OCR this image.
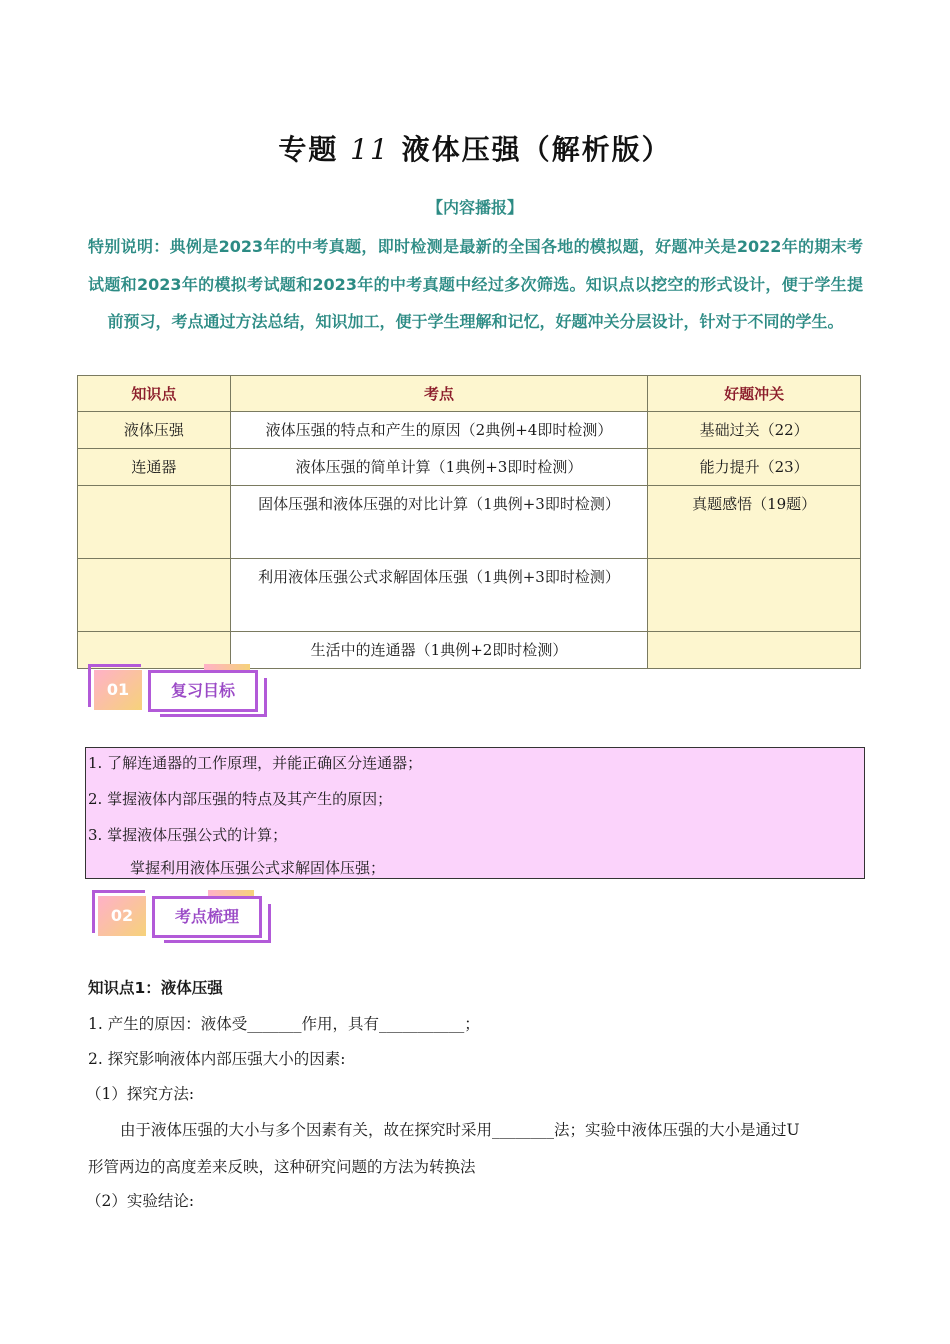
专题 11 液体压强（解析版）
【内容播报】
特别说明：典例是2023年的中考真题，即时检测是最新的全国各地的模拟题，好题冲关是2022年的期末考试题和2023年的模拟考试题和2023年的中考真题中经过多次筛选。知识点以挖空的形式设计，便于学生提前预习，考点通过方法总结，知识加工，便于学生理解和记忆，好题冲关分层设计，针对于不同的学生。
知识点	考点	好题冲关
液体压强	液体压强的特点和产生的原因（2典例+4即时检测）	基础过关（22）
连通器	液体压强的简单计算（1典例+3即时检测）	能力提升（23）
	固体压强和液体压强的对比计算（1典例+3即时检测）	真题感悟（19题）
	利用液体压强公式求解固体压强（1典例+3即时检测）	
	生活中的连通器（1典例+2即时检测）	
01	复习目标
1. 了解连通器的工作原理，并能正确区分连通器；
2. 掌握液体内部压强的特点及其产生的原因；
3. 掌握液体压强公式的计算；
掌握利用液体压强公式求解固体压强；
02	考点梳理
知识点1：液体压强
1. 产生的原因：液体受_______作用，具有___________；
2. 探究影响液体内部压强大小的因素:
（1）探究方法:
由于液体压强的大小与多个因素有关，故在探究时采用________法；实验中液体压强的大小是通过U
形管两边的高度差来反映，这种研究问题的方法为转换法
（2）实验结论:
